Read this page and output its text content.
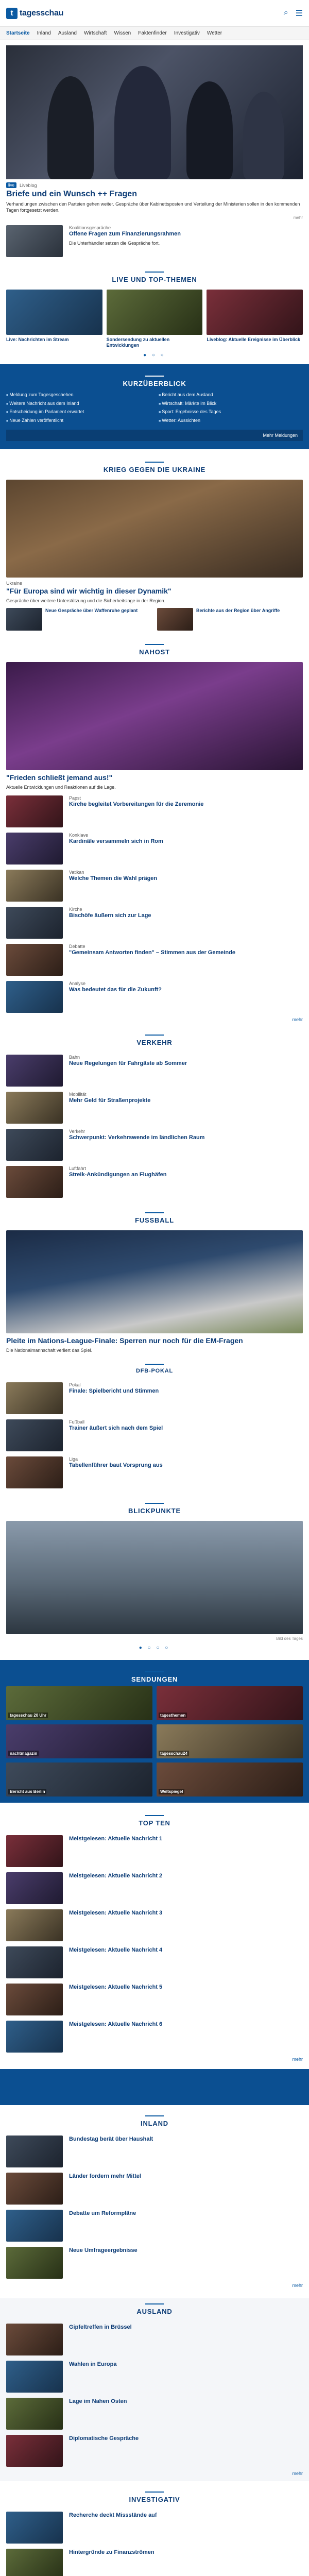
t tagesschau	⌕ ☰
Startseite Inland Ausland Wirtschaft Wissen Faktenfinder Investigativ Wetter
live	Liveblog
Briefe und ein Wunsch ++ Fragen
Verhandlungen zwischen den Parteien gehen weiter. Gespräche über Kabinettsposten und Verteilung der Ministerien sollen in den kommenden Tagen fortgesetzt werden.
mehr
Koalitionsgespräche
Offene Fragen zum Finanzierungsrahmen
Die Unterhändler setzen die Gespräche fort.
LIVE UND TOP-THEMEN
Live: Nachrichten im Stream	Sondersendung zu aktuellen Entwicklungen
Liveblog: Aktuelle Ereignisse im Überblick
● ○ ○
KURZÜBERBLICK
■ Meldung zum Tagesgeschehen
■ Weitere Nachricht aus dem Inland
■ Entscheidung im Parlament erwartet
■ Neue Zahlen veröffentlicht
■ Bericht aus dem Ausland
■ Wirtschaft: Märkte im Blick
■ Sport: Ergebnisse des Tages
■ Wetter: Aussichten
Mehr Meldungen
KRIEG GEGEN DIE UKRAINE
Ukraine
"Für Europa sind wir wichtig in dieser Dynamik"
Gespräche über weitere Unterstützung und die Sicherheitslage in der Region.
Neue Gespräche über Waffenruhe geplant	Berichte aus der Region über Angriffe
NAHOST
"Frieden schließt jemand aus!"
Aktuelle Entwicklungen und Reaktionen auf die Lage.
Papst
Kirche begleitet Vorbereitungen für die Zeremonie
Konklave
Kardinäle versammeln sich in Rom
Vatikan
Welche Themen die Wahl prägen
Kirche
Bischöfe äußern sich zur Lage
Debatte
"Gemeinsam Antworten finden" – Stimmen aus der Gemeinde
Analyse
Was bedeutet das für die Zukunft?
mehr
VERKEHR
Bahn
Neue Regelungen für Fahrgäste ab Sommer
Mobilität
Mehr Geld für Straßenprojekte
Verkehr
Schwerpunkt: Verkehrswende im ländlichen Raum
Luftfahrt
Streik-Ankündigungen an Flughäfen
FUSSBALL
Pleite im Nations-League-Finale: Sperren nur noch für die EM-Fragen
Die Nationalmannschaft verliert das Spiel.
DFB-POKAL
Pokal
Finale: Spielbericht und Stimmen
Fußball
Trainer äußert sich nach dem Spiel
Liga
Tabellenführer baut Vorsprung aus
BLICKPUNKTE
Bild des Tages
● ○ ○ ○
SENDUNGEN
tagesschau 20 Uhr	tagesthemen
nachtmagazin	tagesschau24
Bericht aus Berlin	Weltspiegel
TOP TEN
Meistgelesen: Aktuelle Nachricht 1
Meistgelesen: Aktuelle Nachricht 2
Meistgelesen: Aktuelle Nachricht 3
Meistgelesen: Aktuelle Nachricht 4
Meistgelesen: Aktuelle Nachricht 5
Meistgelesen: Aktuelle Nachricht 6
mehr
INLAND
Bundestag berät über Haushalt
Länder fordern mehr Mittel
Debatte um Reformpläne
Neue Umfrageergebnisse
mehr
AUSLAND
Gipfeltreffen in Brüssel
Wahlen in Europa
Lage im Nahen Osten
Diplomatische Gespräche
mehr
INVESTIGATIV
Recherche deckt Missstände auf
Hintergründe zu Finanzströmen
